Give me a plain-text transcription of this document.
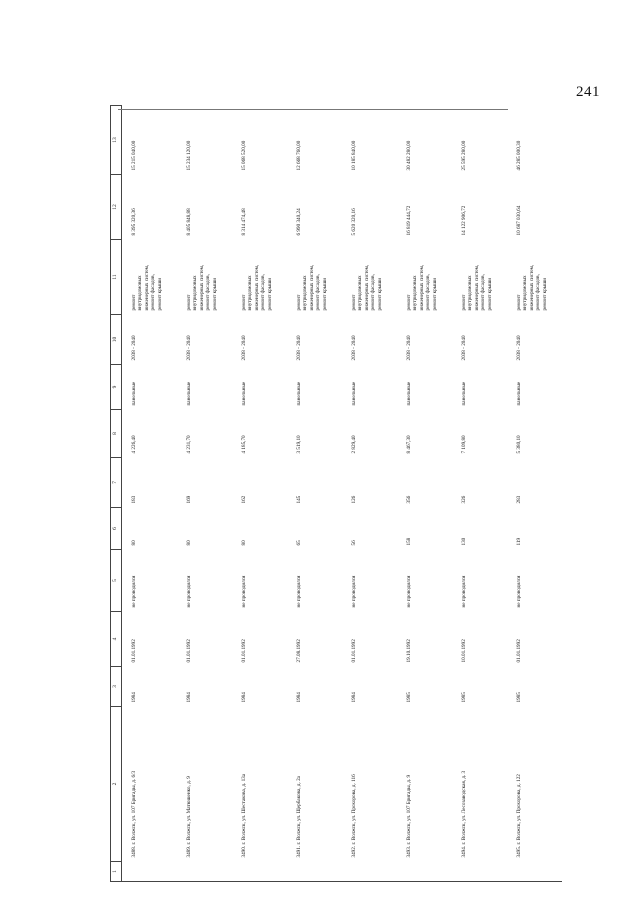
241
1	2	3	4	5	6	7	8	9	10	11	12	13
	3488. г. Волжск, ул. 107 Бригады, д. 6/3	1984	01.01.1992	не проводился	80	183	4 226,40	панельные	2038 - 2040	ремонт внутридомовых инженерных систем, ремонт фасадов, ремонт крыши	8 395 320,36	15 215 040,00
	3489. г. Волжск, ул. Матюшенко, д. 9	1984	01.01.1992	не проводился	80	169	4 231,70	панельные	2038 - 2040	ремонт внутридомовых инженерных систем, ремонт фасадов, ремонт крыши	8 405 848,88	15 234 120,00
	3490. г. Волжск, ул. Шестакова, д. 13а	1984	01.01.1992	не проводился	80	162	4 185,70	панельные	2038 - 2040	ремонт внутридомовых инженерных систем, ремонт фасадов, ремонт крыши	8 314 474,48	15 068 520,00
	3491. г. Волжск, ул. Щербакова, д. 2а	1984	27.08.1992	не проводился	65	145	3 519,10	панельные	2038 - 2040	ремонт внутридомовых инженерных систем, ремонт фасадов, ремонт крыши	6 990 340,24	12 668 760,00
	3492. г. Волжск, ул. Прохорова, д. 116	1984	01.01.1992	не проводился	56	126	2 829,40	панельные	2038 - 2040	ремонт внутридомовых инженерных систем, ремонт фасадов, ремонт крыши	5 620 320,16	10 185 840,00
	3493. г. Волжск, ул. 107 Бригады, д. 9	1985	19.10.1992	не проводился	158	356	8 467,30	панельные	2038 - 2040	ремонт внутридомовых инженерных систем, ремонт фасадов, ремонт крыши	16 819 444,72	30 482 280,00
	3494. г. Волжск, ул. Лесозаводская, д. 3	1985	10.01.1992	не проводился	130	326	7 109,80	панельные	2038 - 2040	ремонт внутридомовых инженерных систем, ремонт фасадов, ремонт крыши	14 122 906,72	25 595 280,00
	3495. г. Волжск, ул. Прохорова, д. 122	1985	01.01.1992	не проводился	119	283	5 380,10	панельные	2038 - 2040	ремонт внутридомовых инженерных систем, ремонт фасадов, ремонт крыши	10 687 030,64	46 285 000,30
